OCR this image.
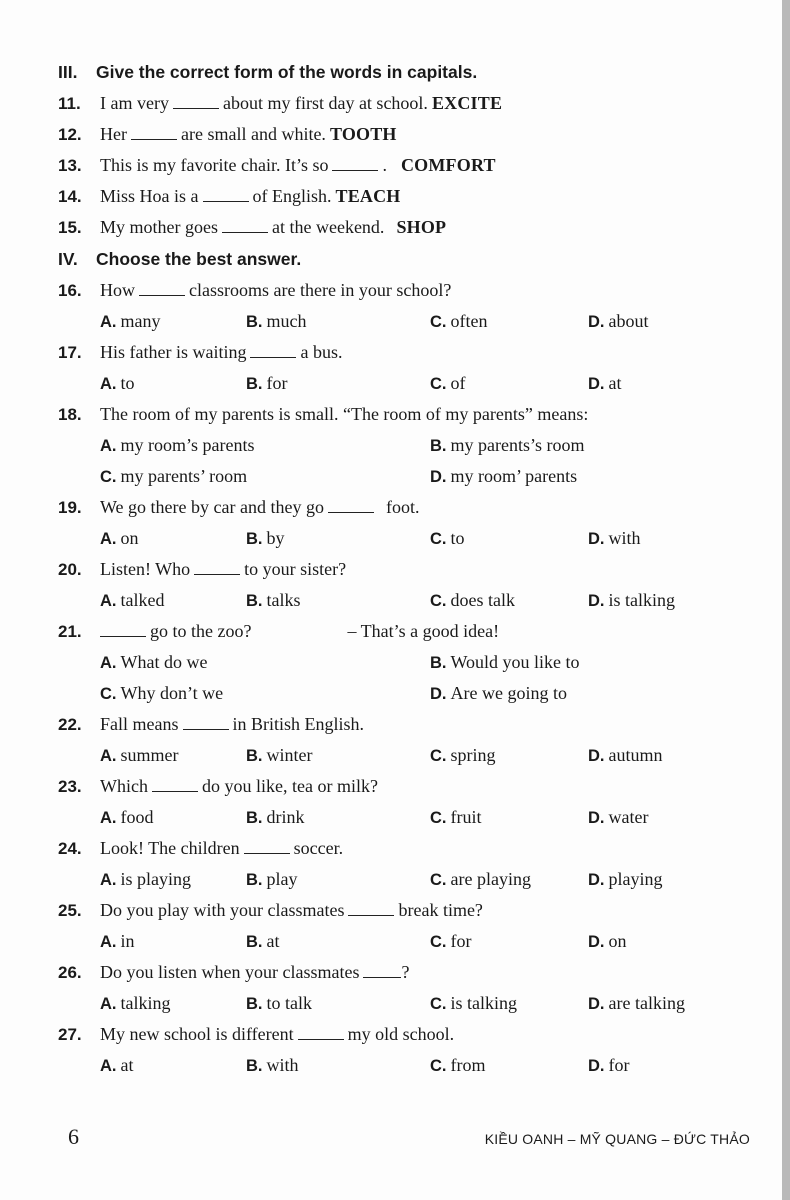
III. Give the correct form of the words in capitals.
11.	I am very	about my first day at school. EXCITE
12.	Her	are small and white. TOOTH
13.	This is my favorite chair. It’s so	. COMFORT
14.	Miss Hoa is a	of English. TEACH
15.	My mother goes	at the weekend. SHOP
IV. Choose the best answer.
16.	How	classrooms are there in your school?
A. many	B. much	C. often	D. about
17.	His father is waiting	a bus.
A. to	B. for	C. of	D. at
18.	The room of my parents is small. “The room of my parents” means:
A. my room’s parents	B. my parents’s room
C. my parents’ room	D. my room’ parents
19.	We go there by car and they go	foot.
A. on	B. by	C. to	D. with
20.	Listen! Who	to your sister?
A. talked	B. talks	C. does talk	D. is talking
21.	go to the zoo?	– That’s a good idea!
A. What do we	B. Would you like to
C. Why don’t we	D. Are we going to
22.	Fall means	in British English.
A. summer	B. winter	C. spring	D. autumn
23.	Which	do you like, tea or milk?
A. food	B. drink	C. fruit	D. water
24.	Look! The children	soccer.
A. is playing	B. play	C. are playing	D. playing
25.	Do you play with your classmates	break time?
A. in	B. at	C. for	D. on
26.	Do you listen when your classmates ?
A. talking	B. to talk	C. is talking	D. are talking
27.	My new school is different	my old school.
A. at	B. with	C. from	D. for
6	KIỀU OANH – MỸ QUANG – ĐỨC THẢO
